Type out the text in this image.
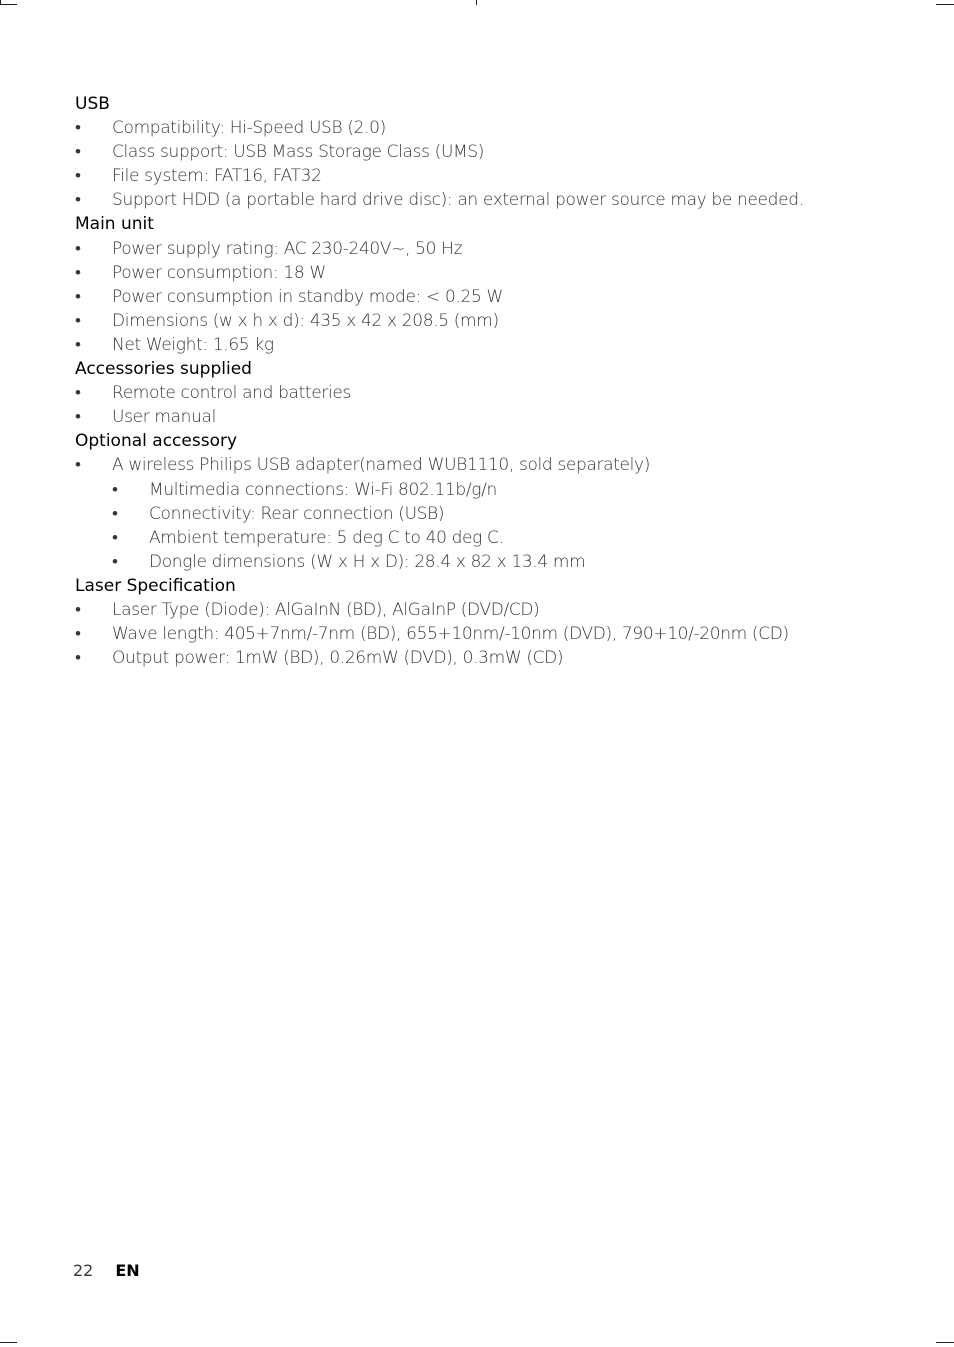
USB
• Compatibility: Hi-Speed USB (2.0)
• Class support: USB Mass Storage Class (UMS)
• File system: FAT16, FAT32
• Support HDD (a portable hard drive disc): an external power source may be needed.
Main unit
• Power supply rating: AC 230-240V~, 50 Hz
• Power consumption: 18 W
• Power consumption in standby mode: < 0.25 W
• Dimensions (w x h x d): 435 x 42 x 208.5 (mm)
• Net Weight: 1.65 kg
Accessories supplied
• Remote control and batteries
• User manual
Optional accessory
• A wireless Philips USB adapter(named WUB1110, sold separately)
• Multimedia connections: Wi-Fi 802.11b/g/n
• Connectivity: Rear connection (USB)
• Ambient temperature: 5 deg C to 40 deg C.
• Dongle dimensions (W x H x D): 28.4 x 82 x 13.4 mm
Laser Specification
• Laser Type (Diode): AlGaInN (BD), AlGaInP (DVD/CD)
• Wave length: 405+7nm/-7nm (BD), 655+10nm/-10nm (DVD), 790+10/-20nm (CD)
• Output power: 1mW (BD), 0.26mW (DVD), 0.3mW (CD)
22 EN
